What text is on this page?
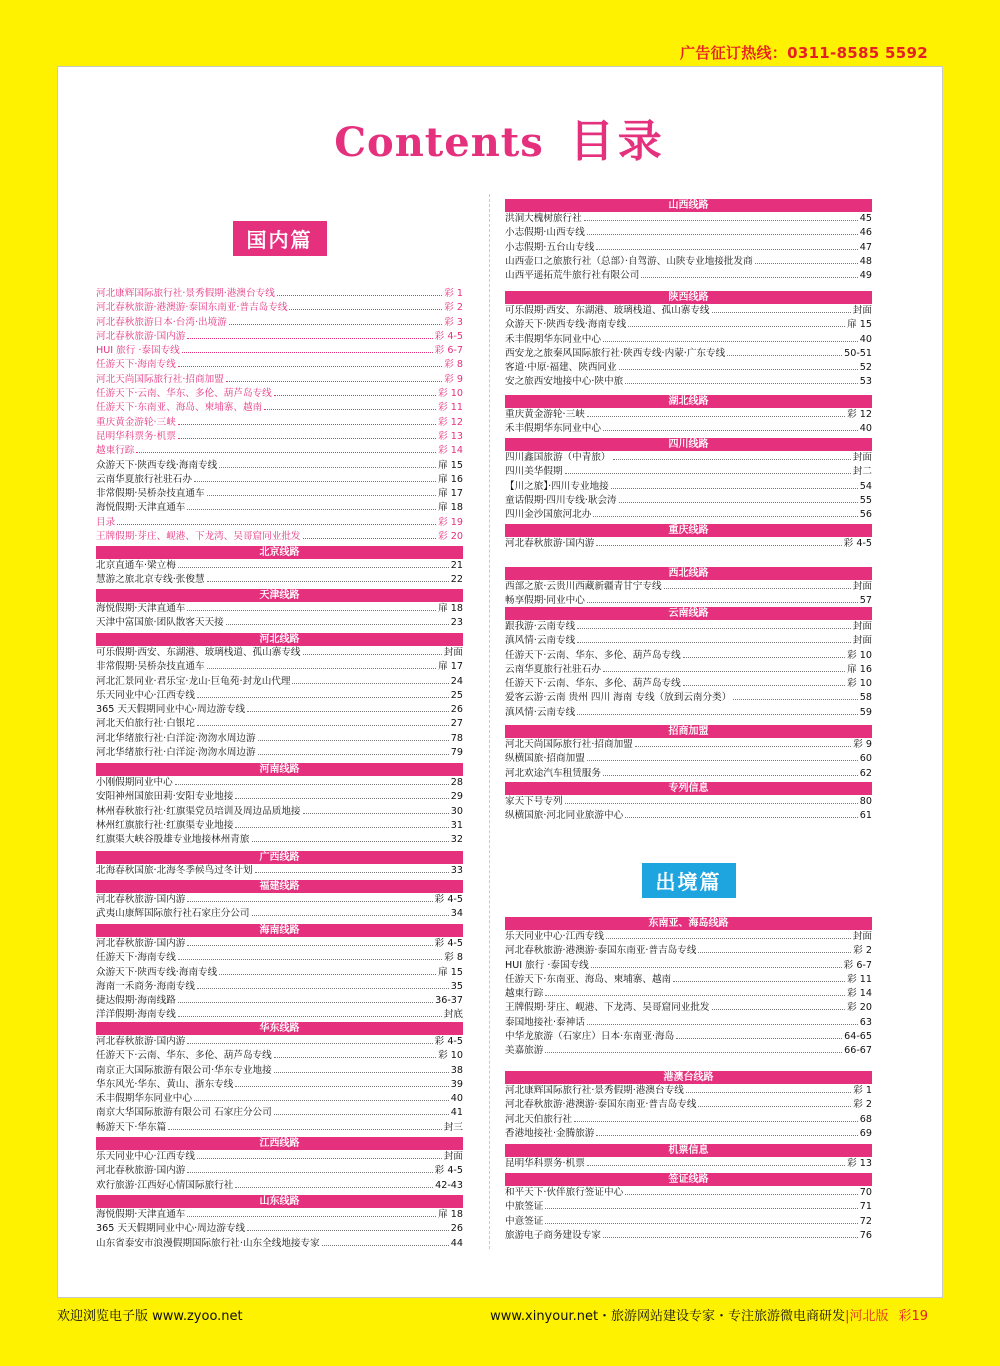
广告征订热线：0311-8585 5592
Contents 目录
国内篇
河北康辉国际旅行社·景秀假期·港澳台专线	彩 1
河北春秋旅游·港澳游·泰国东南亚·普吉岛专线	彩 2
河北春秋旅游日本·台湾·出境游	彩 3
河北春秋旅游·国内游	彩 4-5
HUI 旅行 ·泰国专线	彩 6-7
任游天下·海南专线	彩 8
河北天尚国际旅行社·招商加盟	彩 9
任游天下·云南、华东、多伦、葫芦岛专线	彩 10
任游天下·东南亚、海岛、柬埔寨、越南	彩 11
重庆黄金游轮·三峡	彩 12
昆明华科票务·机票	彩 13
越東行踪	彩 14
众游天下·陕西专线·海南专线	扉 15
云南华夏旅行社驻石办	扉 16
非常假期·吴桥杂技直通车	扉 17
海悦假期·天津直通车	扉 18
目录	彩 19
王牌假期·芽庄、岘港、下龙湾、吴哥窟同业批发	彩 20
北京线路
北京直通车·梁立梅	21
慧游之旅北京专线·张俊慧	22
天津线路
海悦假期·天津直通车	扉 18
天津中富国旅·团队散客天天接	23
河北线路
可乐假期·西安、东湖港、玻璃栈道、孤山寨专线	封面
非常假期·吴桥杂技直通车	扉 17
河北汇景同业·君乐宝·龙山·巨龟苑·封龙山代理	24
乐天同业中心·江西专线	25
365 天天假期同业中心·周边游专线	26
河北天伯旅行社·白银坨	27
河北华绪旅行社·白洋淀·沕沕水周边游	78
河北华绪旅行社·白洋淀·沕沕水周边游	79
河南线路
小刚假期同业中心	28
安阳神州国旅田莉·安阳专业地接	29
林州春秋旅行社·红旗渠党员培训及周边品质地接	30
林州红旗旅行社·红旗渠专业地接	31
红旗渠大峡谷殷雄专业地接林州青旅	32
广西线路
北海春秋国旅·北海冬季候鸟过冬计划	33
福建线路
河北春秋旅游·国内游	彩 4-5
武夷山康辉国际旅行社石家庄分公司	34
海南线路
河北春秋旅游·国内游	彩 4-5
任游天下·海南专线	彩 8
众游天下·陕西专线·海南专线	扉 15
海南一禾商务·海南专线	35
捷达假期·海南线路	36-37
洋洋假期·海南专线	封底
华东线路
河北春秋旅游·国内游	彩 4-5
任游天下·云南、华东、多伦、葫芦岛专线	彩 10
南京正大国际旅游有限公司·华东专业地接	38
华东风光·华东、黄山、浙东专线	39
禾丰假期华东同业中心	40
南京大华国际旅游有限公司 石家庄分公司	41
畅游天下·华东篇	封三
江西线路
乐天同业中心·江西专线	封面
河北春秋旅游·国内游	彩 4-5
欢行旅游·江西好心情国际旅行社	42-43
山东线路
海悦假期·天津直通车	扉 18
365 天天假期同业中心·周边游专线	26
山东省泰安市浪漫假期国际旅行社·山东全线地接专家	44
出境篇
山西线路
洪洞大槐树旅行社	45
小志假期·山西专线	46
小志假期·五台山专线	47
山西壶口之旅旅行社（总部）·自驾游、山陕专业地接批发商	48
山西平遥拓荒牛旅行社有限公司	49
陕西线路
可乐假期·西安、东湖港、玻璃栈道、孤山寨专线	封面
众游天下·陕西专线·海南专线	扉 15
禾丰假期华东同业中心	40
西安龙之旅秦风国际旅行社·陕西专线·内蒙·广东专线	50-51
客道·中原·福建、陕西同业	52
安之旅西安地接中心·陕中旅	53
湖北线路
重庆黄金游轮·三峡	彩 12
禾丰假期华东同业中心	40
四川线路
四川鑫国旅游（中青旅）	封面
四川美华假期	封二
【川之旅】·四川专业地接	54
童话假期·四川专线·耿会涛	55
四川金沙国旅河北办	56
重庆线路
河北春秋旅游·国内游	彩 4-5
西北线路
西部之旅·云贵川西藏新疆青甘宁专线	封面
畅享假期·同业中心	57
云南线路
跟我游·云南专线	封面
滇风情·云南专线	封面
任游天下·云南、华东、多伦、葫芦岛专线	彩 10
云南华夏旅行社驻石办	扉 16
任游天下·云南、华东、多伦、葫芦岛专线	彩 10
爱客云游·云南 贵州 四川 海南 专线（放到云南分类）	58
滇风情·云南专线	59
招商加盟
河北天尚国际旅行社·招商加盟	彩 9
纵横国旅·招商加盟	60
河北欢途汽车租赁服务	62
专列信息
家天下号专列	80
纵横国旅·河北同业旅游中心	61
东南亚、海岛线路
乐天同业中心·江西专线	封面
河北春秋旅游·港澳游·泰国东南亚·普吉岛专线	彩 2
HUI 旅行 ·泰国专线	彩 6-7
任游天下·东南亚、海岛、柬埔寨、越南	彩 11
越東行踪	彩 14
王牌假期·芽庄、岘港、下龙湾、吴哥窟同业批发	彩 20
泰国地接社·泰神话	63
中华龙旅游（石家庄）日本·东南亚·海岛	64-65
美嘉旅游	66-67
港澳台线路
河北康辉国际旅行社·景秀假期·港澳台专线	彩 1
河北春秋旅游·港澳游·泰国东南亚·普吉岛专线	彩 2
河北天伯旅行社	68
香港地接社·金腾旅游	69
机票信息
昆明华科票务·机票	彩 13
签证线路
和平天下·伙伴旅行签证中心	70
中旅签证	71
中意签证	72
旅游电子商务建设专家	76
欢迎浏览电子版 www.zyoo.net	www.xinyour.net・旅游网站建设专家・专注旅游微电商研发|河北版 彩19
